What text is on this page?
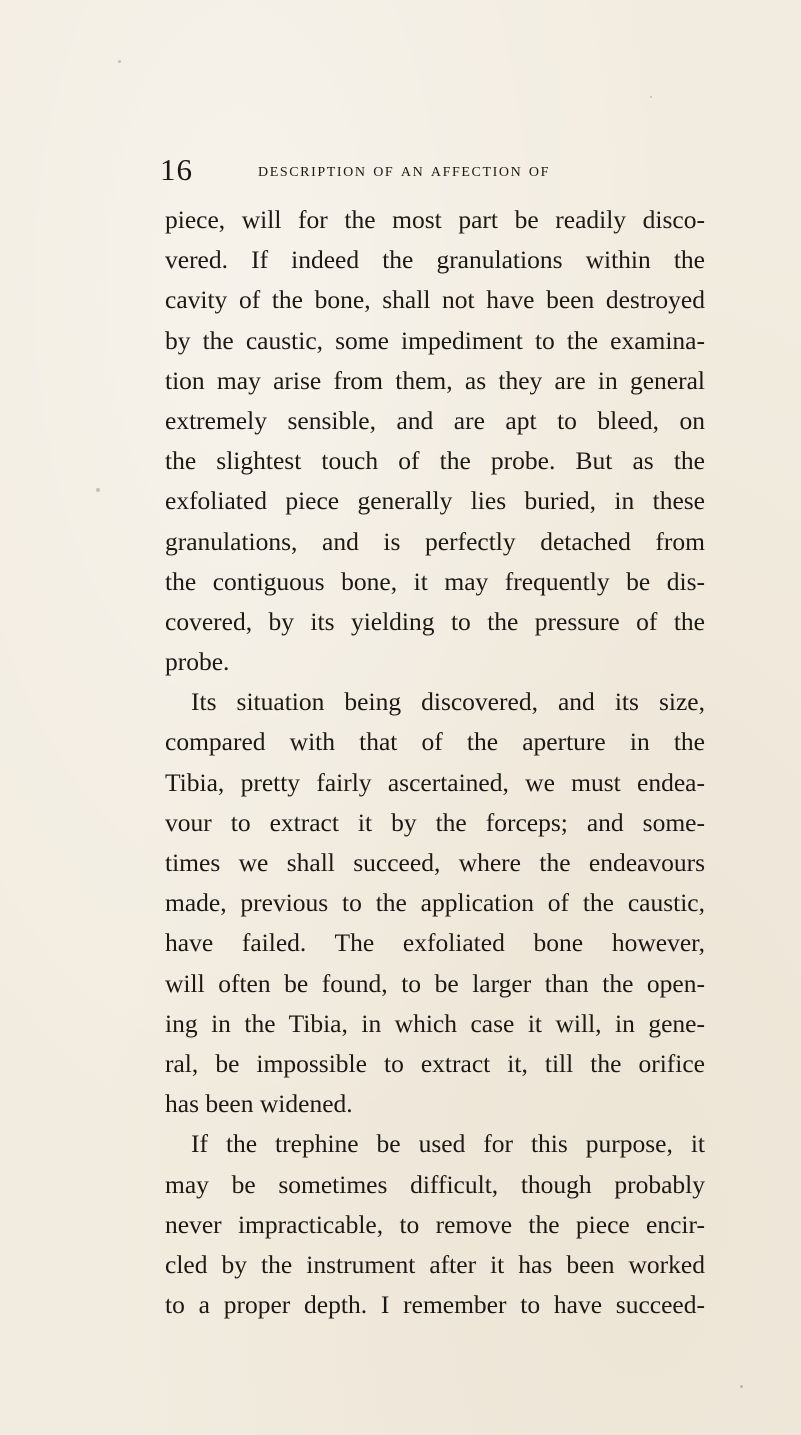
16	description of an affection of
piece, will for the most part be readily disco-
vered. If indeed the granulations within the
cavity of the bone, shall not have been destroyed
by the caustic, some impediment to the examina-
tion may arise from them, as they are in general
extremely sensible, and are apt to bleed, on
the slightest touch of the probe. But as the
exfoliated piece generally lies buried, in these
granulations, and is perfectly detached from
the contiguous bone, it may frequently be dis-
covered, by its yielding to the pressure of the
probe.
Its situation being discovered, and its size,
compared with that of the aperture in the
Tibia, pretty fairly ascertained, we must endea-
vour to extract it by the forceps; and some-
times we shall succeed, where the endeavours
made, previous to the application of the caustic,
have failed. The exfoliated bone however,
will often be found, to be larger than the open-
ing in the Tibia, in which case it will, in gene-
ral, be impossible to extract it, till the orifice
has been widened.
If the trephine be used for this purpose, it
may be sometimes difficult, though probably
never impracticable, to remove the piece encir-
cled by the instrument after it has been worked
to a proper depth. I remember to have succeed-
